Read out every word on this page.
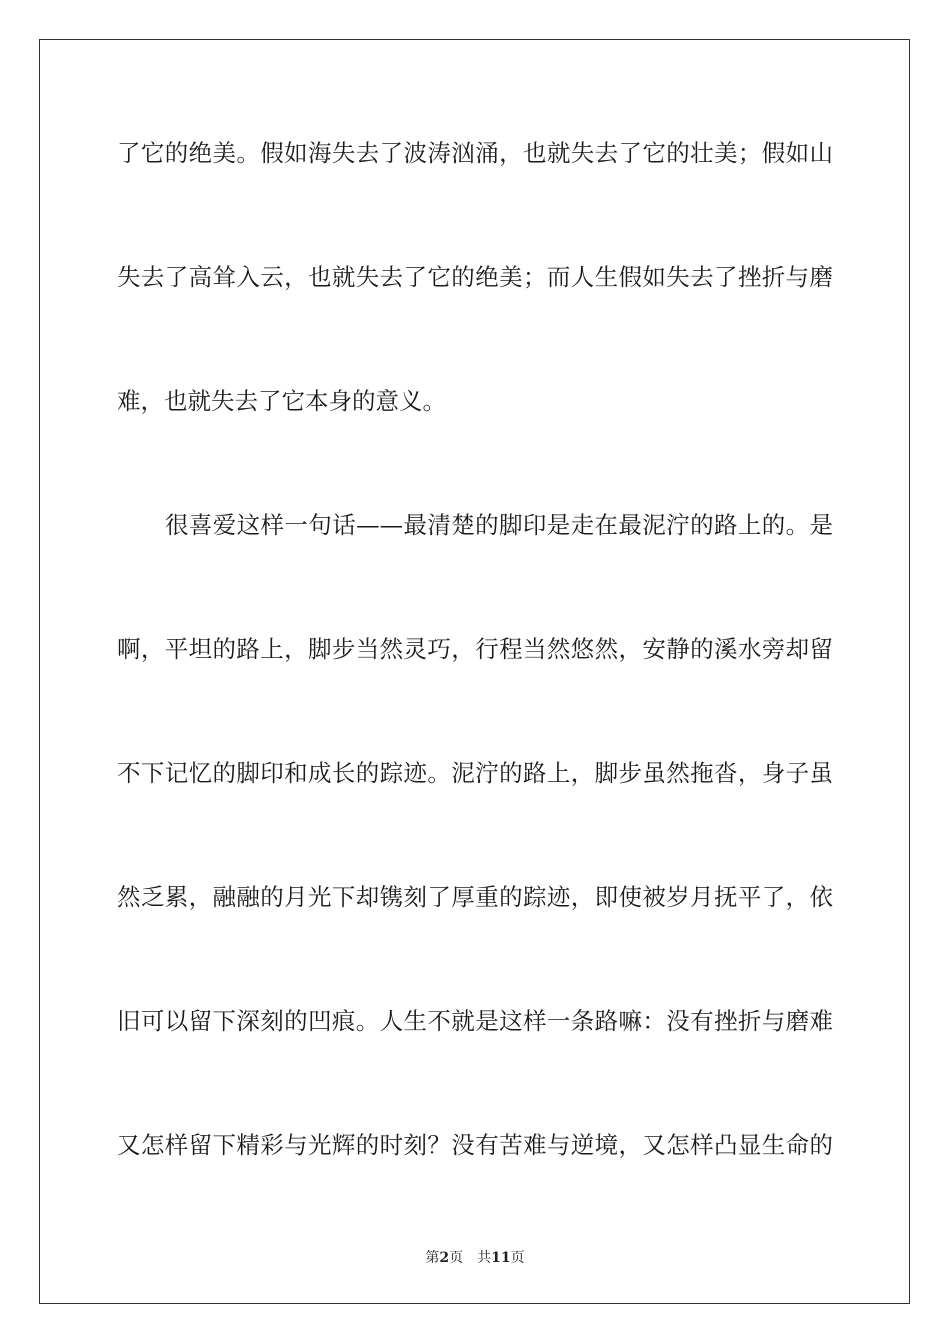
了它的绝美。假如海失去了波涛汹涌，也就失去了它的壮美；假如山
失去了高耸入云，也就失去了它的绝美；而人生假如失去了挫折与磨
难，也就失去了它本身的意义。
很喜爱这样一句话——最清楚的脚印是走在最泥泞的路上的。是
啊，平坦的路上，脚步当然灵巧，行程当然悠然，安静的溪水旁却留
不下记忆的脚印和成长的踪迹。泥泞的路上，脚步虽然拖沓，身子虽
然乏累，融融的月光下却镌刻了厚重的踪迹，即使被岁月抚平了，依
旧可以留下深刻的凹痕。人生不就是这样一条路嘛：没有挫折与磨难
又怎样留下精彩与光辉的时刻？没有苦难与逆境，又怎样凸显生命的
第2页 共11页
